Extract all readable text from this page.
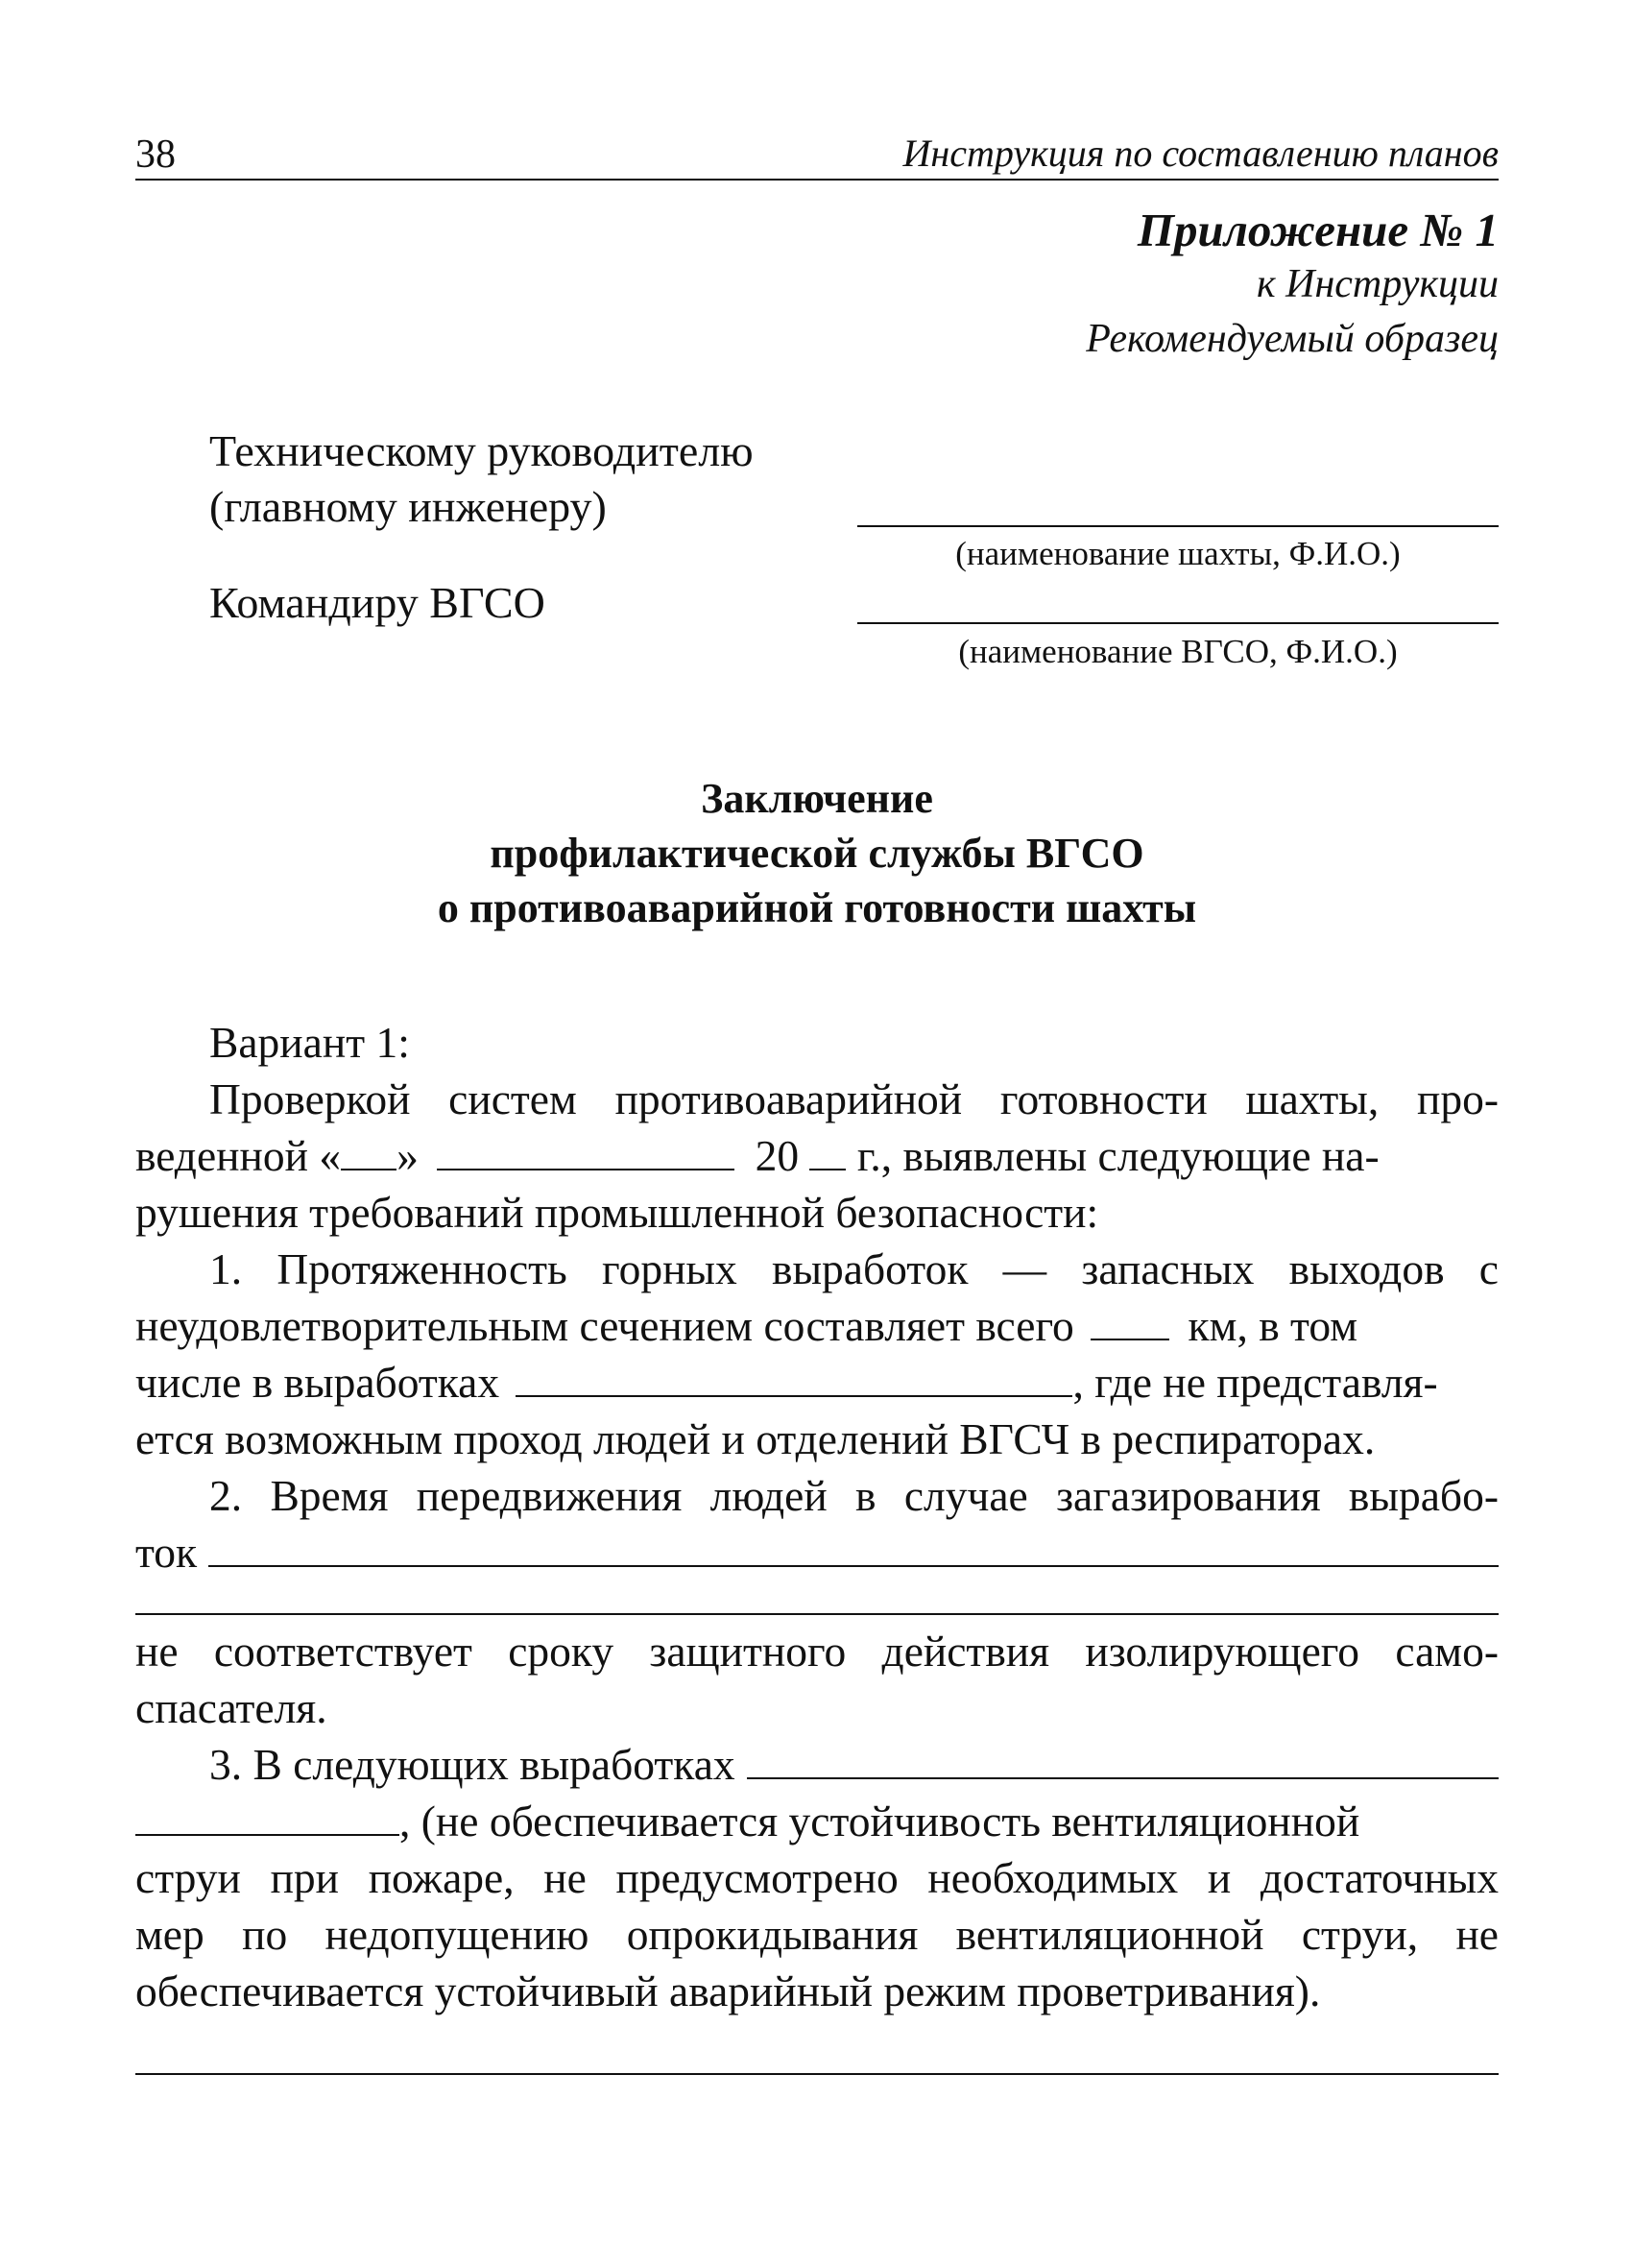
38	Инструкция по составлению планов
Приложение № 1
к Инструкции
Рекомендуемый образец
Техническому руководителю
(главному инженеру)
(наименование шахты, Ф.И.О.)
Командиру ВГСО
(наименование ВГСО, Ф.И.О.)
Заключение
профилактической службы ВГСО
о противоаварийной готовности шахты
Вариант 1:
Проверкой систем противоаварийной готовности шахты, про-
веденной « »	20 г., выявлены следующие на-
рушения требований промышленной безопасности:
1. Протяженность горных выработок — запасных выходов с
неудовлетворительным сечением составляет всего	км, в том
числе в выработках	, где не представля-
ется возможным проход людей и отделений ВГСЧ в респираторах.
2. Время передвижения людей в случае загазирования вырабо-
ток
не соответствует сроку защитного действия изолирующего само-
спасателя.
3. В следующих выработках
, (не обеспечивается устойчивость вентиляционной
струи при пожаре, не предусмотрено необходимых и достаточных
мер по недопущению опрокидывания вентиляционной струи, не
обеспечивается устойчивый аварийный режим проветривания).
